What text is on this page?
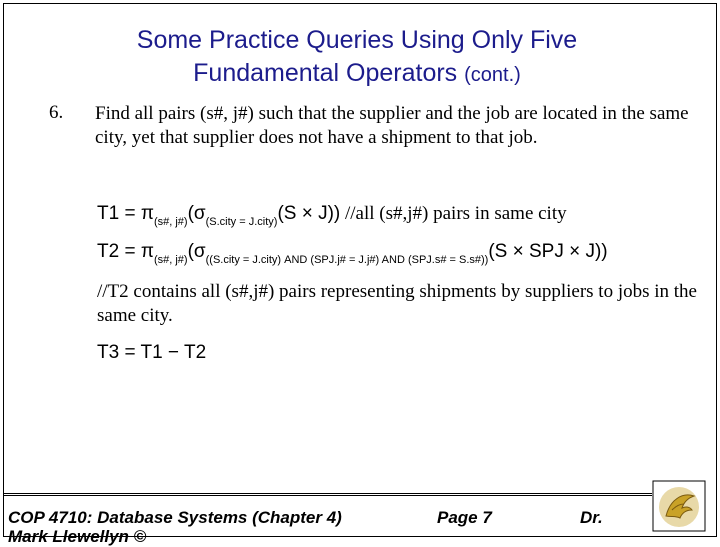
Some Practice Queries Using Only Five
Fundamental Operators (cont.)
6. Find all pairs (s#, j#) such that the supplier and the job are located in the same city, yet that supplier does not have a shipment to that job.
$T1 = \pi_{(s\#, j\#)}(\sigma_{(S.city = J.city)}(S \times J))$ //all (s#,j#) pairs in same city
$T2 = \pi_{(s\#, j\#)}(\sigma_{((S.city = J.city) AND (SPJ.j\# = J.j\#) AND (SPJ.s\# = S.s\#))}(S$ × SPJ × J))
//T2 contains all (s#,j#) pairs representing shipments by suppliers to jobs in the same city.
T3 = T1 − T2
COP 4710: Database Systems (Chapter 4)	Page 7	Dr.
Mark Llewellyn ©
